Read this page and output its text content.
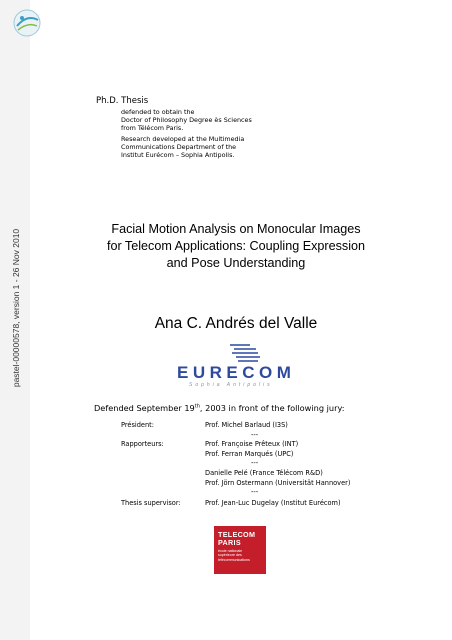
pastel-00000578, version 1 - 26 Nov 2010
Ph.D. Thesis
defended to obtain the
Doctor of Philosophy Degree ès Sciences
from Télécom Paris.
Research developed at the Multimedia
Communications Department of the
Institut Eurécom – Sophia Antipolis.
Facial Motion Analysis on Monocular Images
for Telecom Applications: Coupling Expression
and Pose Understanding
Ana C. Andrés del Valle
EURECOM
Sophia Antipolis
Defended September 19th, 2003 in front of the following jury:
Président:	Prof. Michel Barlaud (I3S)
---
Rapporteurs:	Prof. Françoise Prêteux (INT)
Prof. Ferran Marqués (UPC)
---
Danielle Pelé (France Télécom R&D)
Prof. Jörn Ostermann (Universität Hannover)
---
Thesis supervisor:	Prof. Jean-Luc Dugelay (Institut Eurécom)
TELECOM
PARIS
école nationale
supérieure des
télécommunications
